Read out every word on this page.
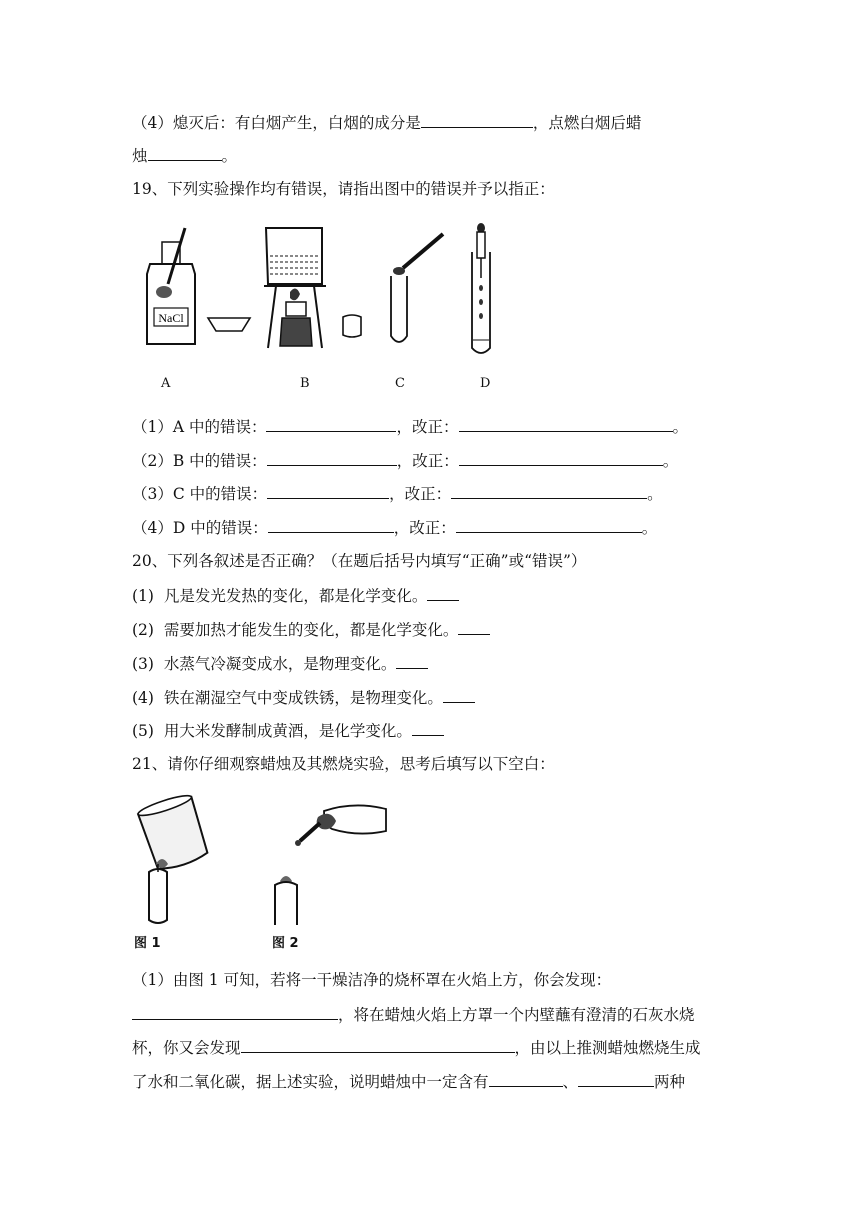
（4）熄灭后：有白烟产生，白烟的成分是	，点燃白烟后蜡
烛	。
19、下列实验操作均有错误，请指出图中的错误并予以指正：
NaCl
A	B	C	D
（1）A 中的错误：	，改正：	。
（2）B 中的错误：	，改正：	。
（3）C 中的错误：	，改正：	。
（4）D 中的错误：	，改正：	。
20、下列各叙述是否正确？（在题后括号内填写“正确”或“错误”）
(1) 凡是发光发热的变化，都是化学变化。
(2) 需要加热才能发生的变化，都是化学变化。
(3) 水蒸气冷凝变成水，是物理变化。
(4) 铁在潮湿空气中变成铁锈，是物理变化。
(5) 用大米发酵制成黄酒，是化学变化。
21、请你仔细观察蜡烛及其燃烧实验，思考后填写以下空白：
图 1	图 2
（1）由图 1 可知，若将一干燥洁净的烧杯罩在火焰上方，你会发现：
，将在蜡烛火焰上方罩一个内壁蘸有澄清的石灰水烧
杯，你又会发现	，由以上推测蜡烛燃烧生成
了水和二氧化碳，据上述实验，说明蜡烛中一定含有	、	两种
